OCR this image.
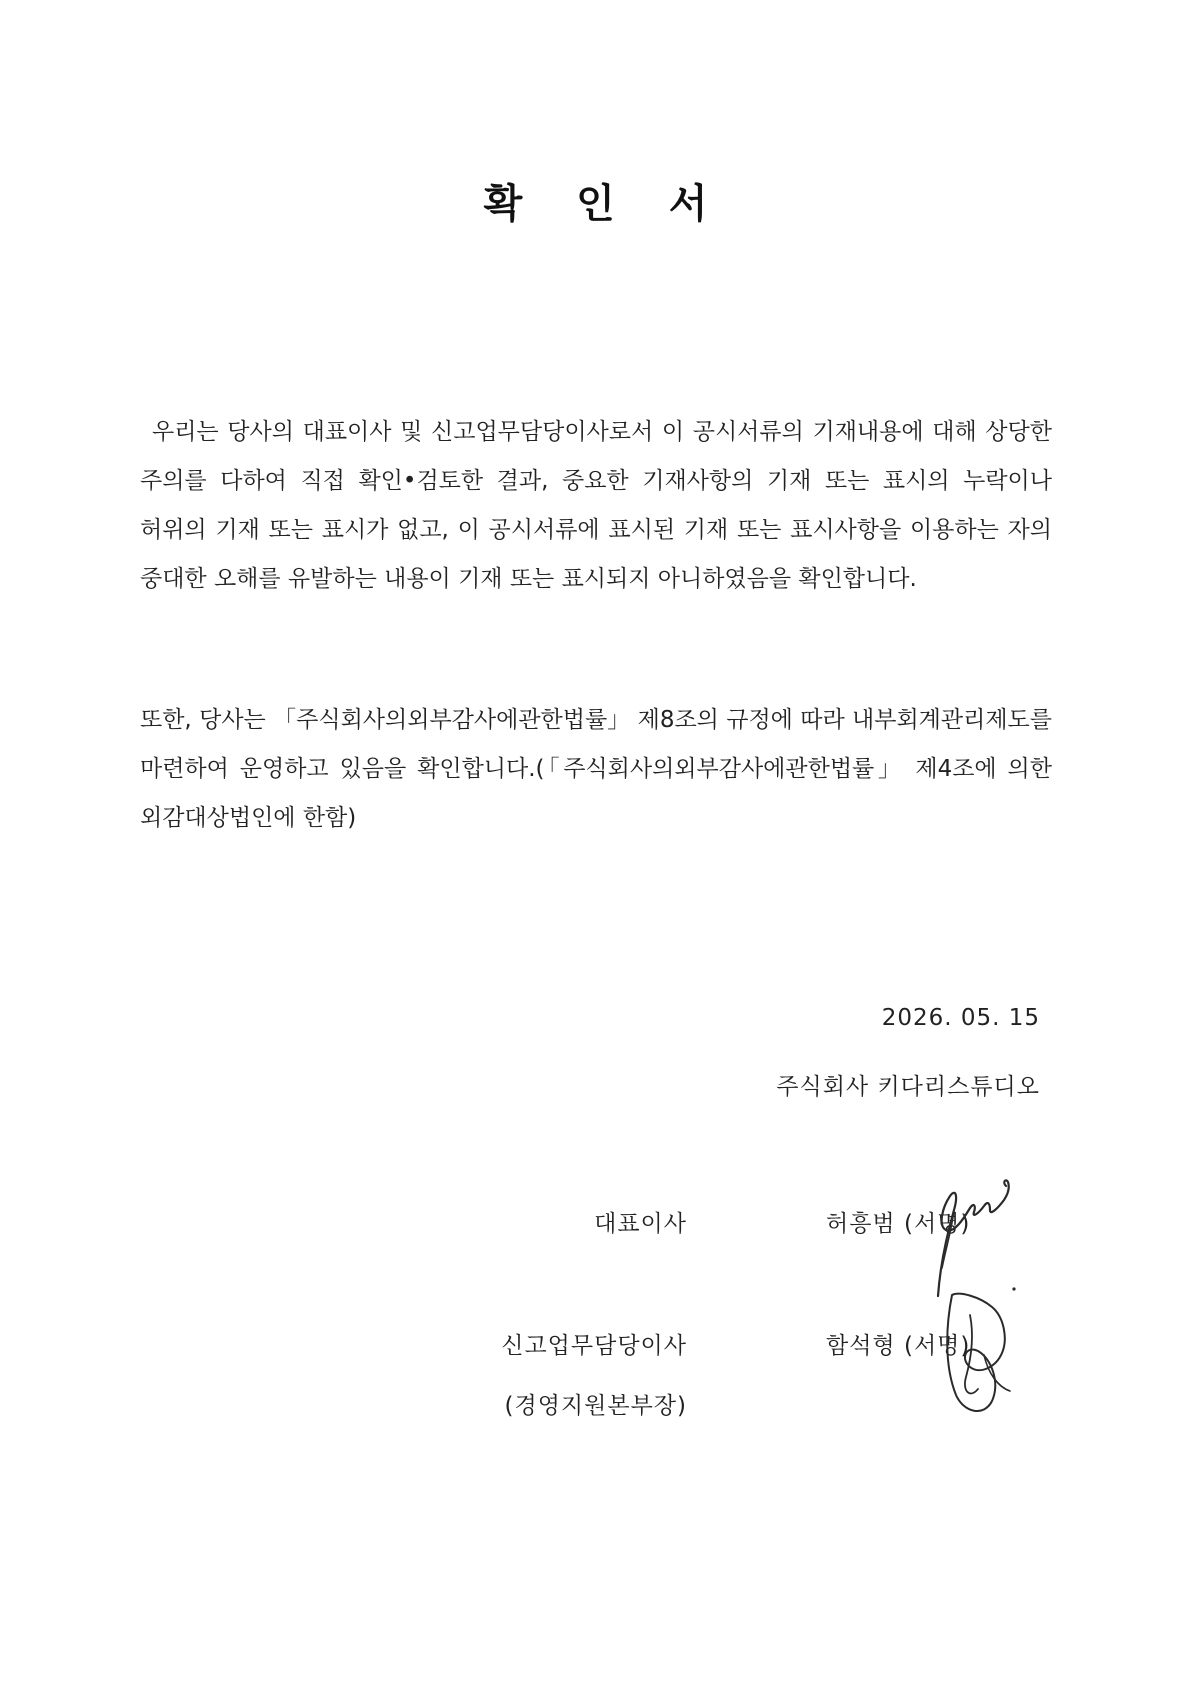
확 인 서
우리는 당사의 대표이사 및 신고업무담당이사로서 이 공시서류의 기재내용에 대해 상당한 주의를 다하여 직접 확인•검토한 결과, 중요한 기재사항의 기재 또는 표시의 누락이나 허위의 기재 또는 표시가 없고, 이 공시서류에 표시된 기재 또는 표시사항을 이용하는 자의 중대한 오해를 유발하는 내용이 기재 또는 표시되지 아니하였음을 확인합니다.
또한, 당사는 「주식회사의외부감사에관한법률」 제8조의 규정에 따라 내부회계관리제도를 마련하여 운영하고 있음을 확인합니다.(「주식회사의외부감사에관한법률」 제4조에 의한 외감대상법인에 한함)
2026. 05. 15
주식회사 키다리스튜디오
대표이사	허흥범 (서명)
신고업무담당이사	함석형 (서명)
(경영지원본부장)
